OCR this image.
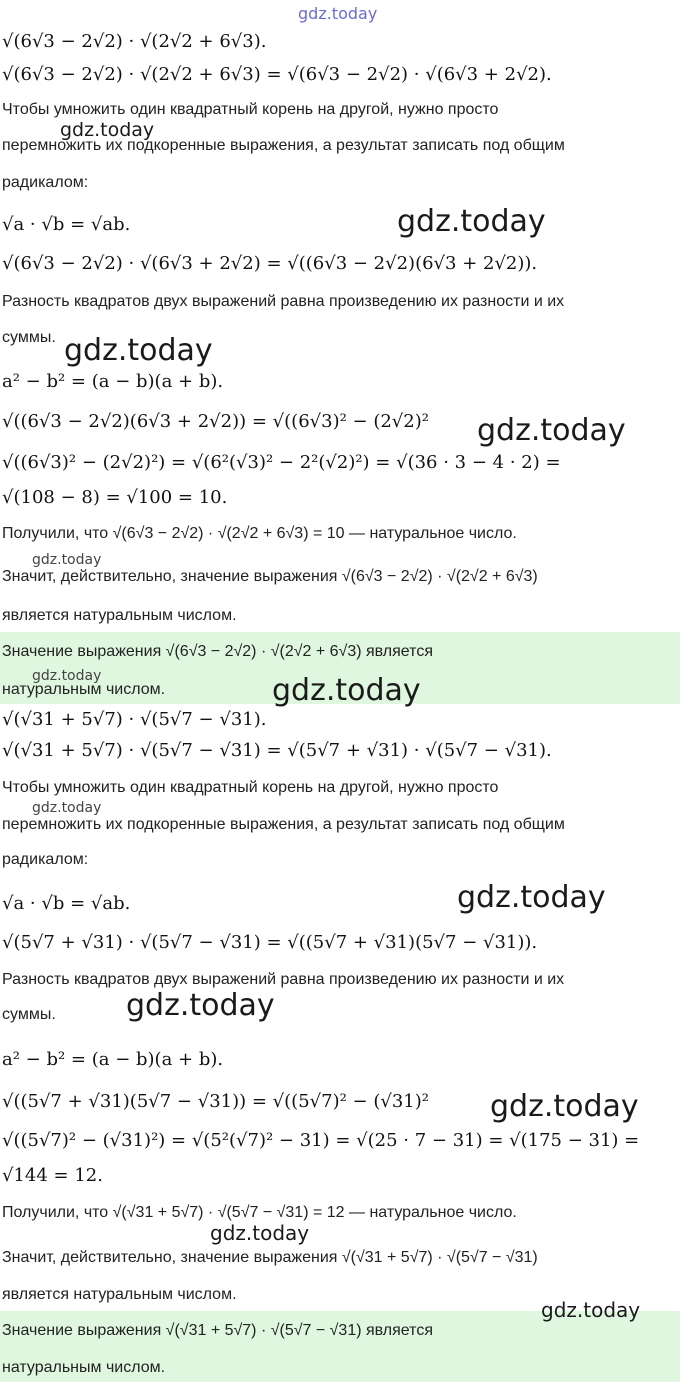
√(6√3 − 2√2) · √(2√2 + 6√3).
√(6√3 − 2√2) · √(2√2 + 6√3) = √(6√3 − 2√2) · √(6√3 + 2√2).
Чтобы умножить один квадратный корень на другой, нужно просто
перемножить их подкоренные выражения, а результат записать под общим
радикалом:
√a · √b = √ab.
√(6√3 − 2√2) · √(6√3 + 2√2) = √((6√3 − 2√2)(6√3 + 2√2)).
Разность квадратов двух выражений равна произведению их разности и их
суммы.
a² − b² = (a − b)(a + b).
√((6√3 − 2√2)(6√3 + 2√2)) = √((6√3)² − (2√2)²
√((6√3)² − (2√2)²) = √(6²(√3)² − 2²(√2)²) = √(36 · 3 − 4 · 2) =
√(108 − 8) = √100 = 10.
Получили, что √(6√3 − 2√2) · √(2√2 + 6√3) = 10 — натуральное число.
Значит, действительно, значение выражения √(6√3 − 2√2) · √(2√2 + 6√3)
является натуральным числом.
Значение выражения √(6√3 − 2√2) · √(2√2 + 6√3) является
натуральным числом.
√(√31 + 5√7) · √(5√7 − √31).
√(√31 + 5√7) · √(5√7 − √31) = √(5√7 + √31) · √(5√7 − √31).
Чтобы умножить один квадратный корень на другой, нужно просто
перемножить их подкоренные выражения, а результат записать под общим
радикалом:
√a · √b = √ab.
√(5√7 + √31) · √(5√7 − √31) = √((5√7 + √31)(5√7 − √31)).
Разность квадратов двух выражений равна произведению их разности и их
суммы.
a² − b² = (a − b)(a + b).
√((5√7 + √31)(5√7 − √31)) = √((5√7)² − (√31)²
√((5√7)² − (√31)²) = √(5²(√7)² − 31) = √(25 · 7 − 31) = √(175 − 31) =
√144 = 12.
Получили, что √(√31 + 5√7) · √(5√7 − √31) = 12 — натуральное число.
Значит, действительно, значение выражения √(√31 + 5√7) · √(5√7 − √31)
является натуральным числом.
Значение выражения √(√31 + 5√7) · √(5√7 − √31) является
натуральным числом.
gdz.today
gdz.today
gdz.today
gdz.today
gdz.today
gdz.today
gdz.today	gdz.today
gdz.today
gdz.today
gdz.today
gdz.today
gdz.today
gdz.today
